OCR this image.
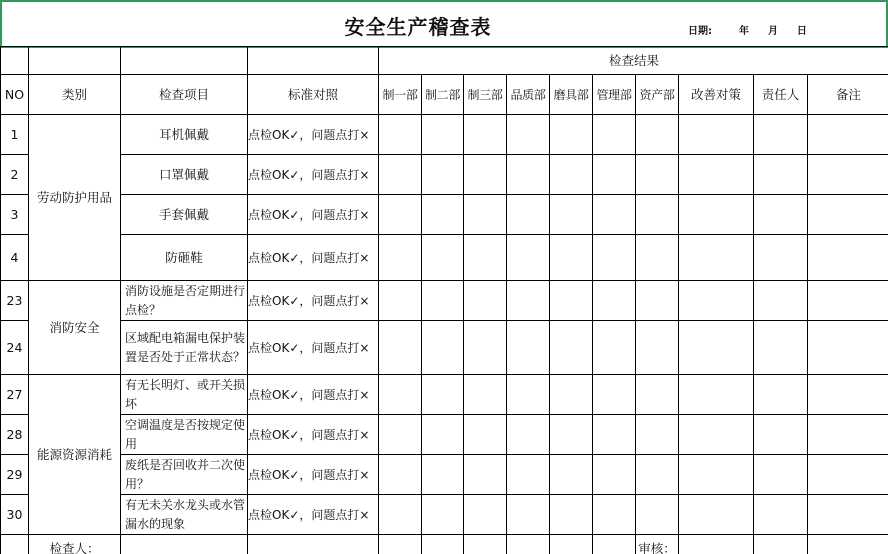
安全生产稽查表	日期:	年 月 日
				检查结果									
NO	类别	检查项目	标准对照	制一部	制二部	制三部	品质部	磨具部	管理部	资产部	改善对策	责任人	备注
1	劳动防护用品	耳机佩戴	点检OK✓，问题点打×										
2		口罩佩戴	点检OK✓，问题点打×										
3		手套佩戴	点检OK✓，问题点打×										
4		防砸鞋	点检OK✓，问题点打×										
23	消防安全	消防设施是否定期进行点检？	点检OK✓，问题点打×										
24		区域配电箱漏电保护装置是否处于正常状态？	点检OK✓，问题点打×										
27	能源资源消耗	有无长明灯、或开关损坏	点检OK✓，问题点打×										
28		空调温度是否按规定使用	点检OK✓，问题点打×										
29		废纸是否回收并二次使用？	点检OK✓，问题点打×										
30		有无未关水龙头或水管漏水的现象	点检OK✓，问题点打×										
	检查人：									审核：			
